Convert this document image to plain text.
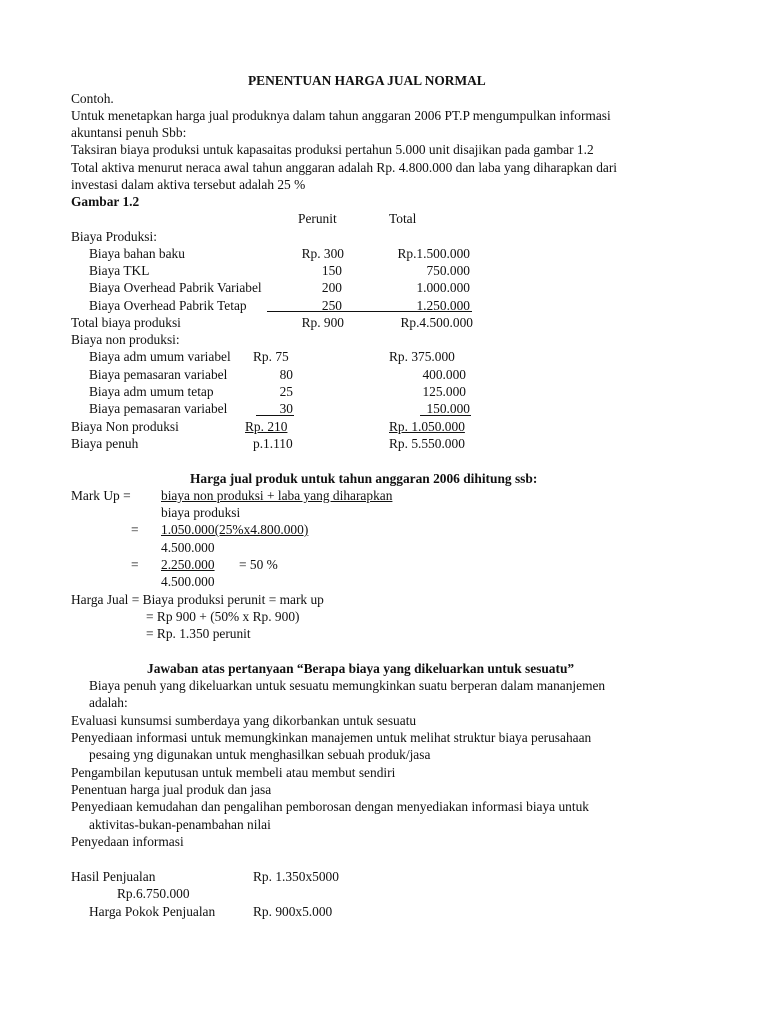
PENENTUAN HARGA JUAL NORMAL
Contoh.
Untuk menetapkan harga jual produknya dalam tahun anggaran 2006 PT.P mengumpulkan informasi
akuntansi penuh Sbb:
Taksiran biaya produksi untuk kapasaitas produksi pertahun 5.000 unit disajikan pada gambar 1.2
Total aktiva menurut neraca awal tahun anggaran adalah Rp. 4.800.000 dan laba yang diharapkan dari
investasi dalam aktiva tersebut adalah 25 %
Gambar 1.2
Perunit	Total
Biaya Produksi:
Biaya bahan baku	Rp. 300	Rp.1.500.000
Biaya TKL	150	750.000
Biaya Overhead Pabrik Variabel	200	1.000.000
Biaya Overhead Pabrik Tetap	250	1.250.000
Total biaya produksi	Rp. 900	Rp.4.500.000
Biaya non produksi:
Biaya adm umum variabel Rp. 75	Rp. 375.000
Biaya pemasaran variabel	80	400.000
Biaya adm umum tetap	25	125.000
Biaya pemasaran variabel	30	150.000
Biaya Non produksi	Rp. 210	Rp. 1.050.000
Biaya penuh	p.1.110	Rp. 5.550.000
Harga jual produk untuk tahun anggaran 2006 dihitung ssb:
Mark Up = biaya non produksi + laba yang diharapkan
biaya produksi
= 1.050.000(25%x4.800.000)
4.500.000
= 2.250.000 = 50 %
4.500.000
Harga Jual = Biaya produksi perunit = mark up
= Rp 900 + (50% x Rp. 900)
= Rp. 1.350 perunit
Jawaban atas pertanyaan “Berapa biaya yang dikeluarkan untuk sesuatu”
Biaya penuh yang dikeluarkan untuk sesuatu memungkinkan suatu berperan dalam mananjemen
adalah:
Evaluasi kunsumsi sumberdaya yang dikorbankan untuk sesuatu
Penyediaan informasi untuk memungkinkan manajemen untuk melihat struktur biaya perusahaan
pesaing yng digunakan untuk menghasilkan sebuah produk/jasa
Pengambilan keputusan untuk membeli atau membut sendiri
Penentuan harga jual produk dan jasa
Penyediaan kemudahan dan pengalihan pemborosan dengan menyediakan informasi biaya untuk
aktivitas-bukan-penambahan nilai
Penyedaan informasi
Hasil Penjualan	Rp. 1.350x5000
Rp.6.750.000
Harga Pokok Penjualan	Rp. 900x5.000
